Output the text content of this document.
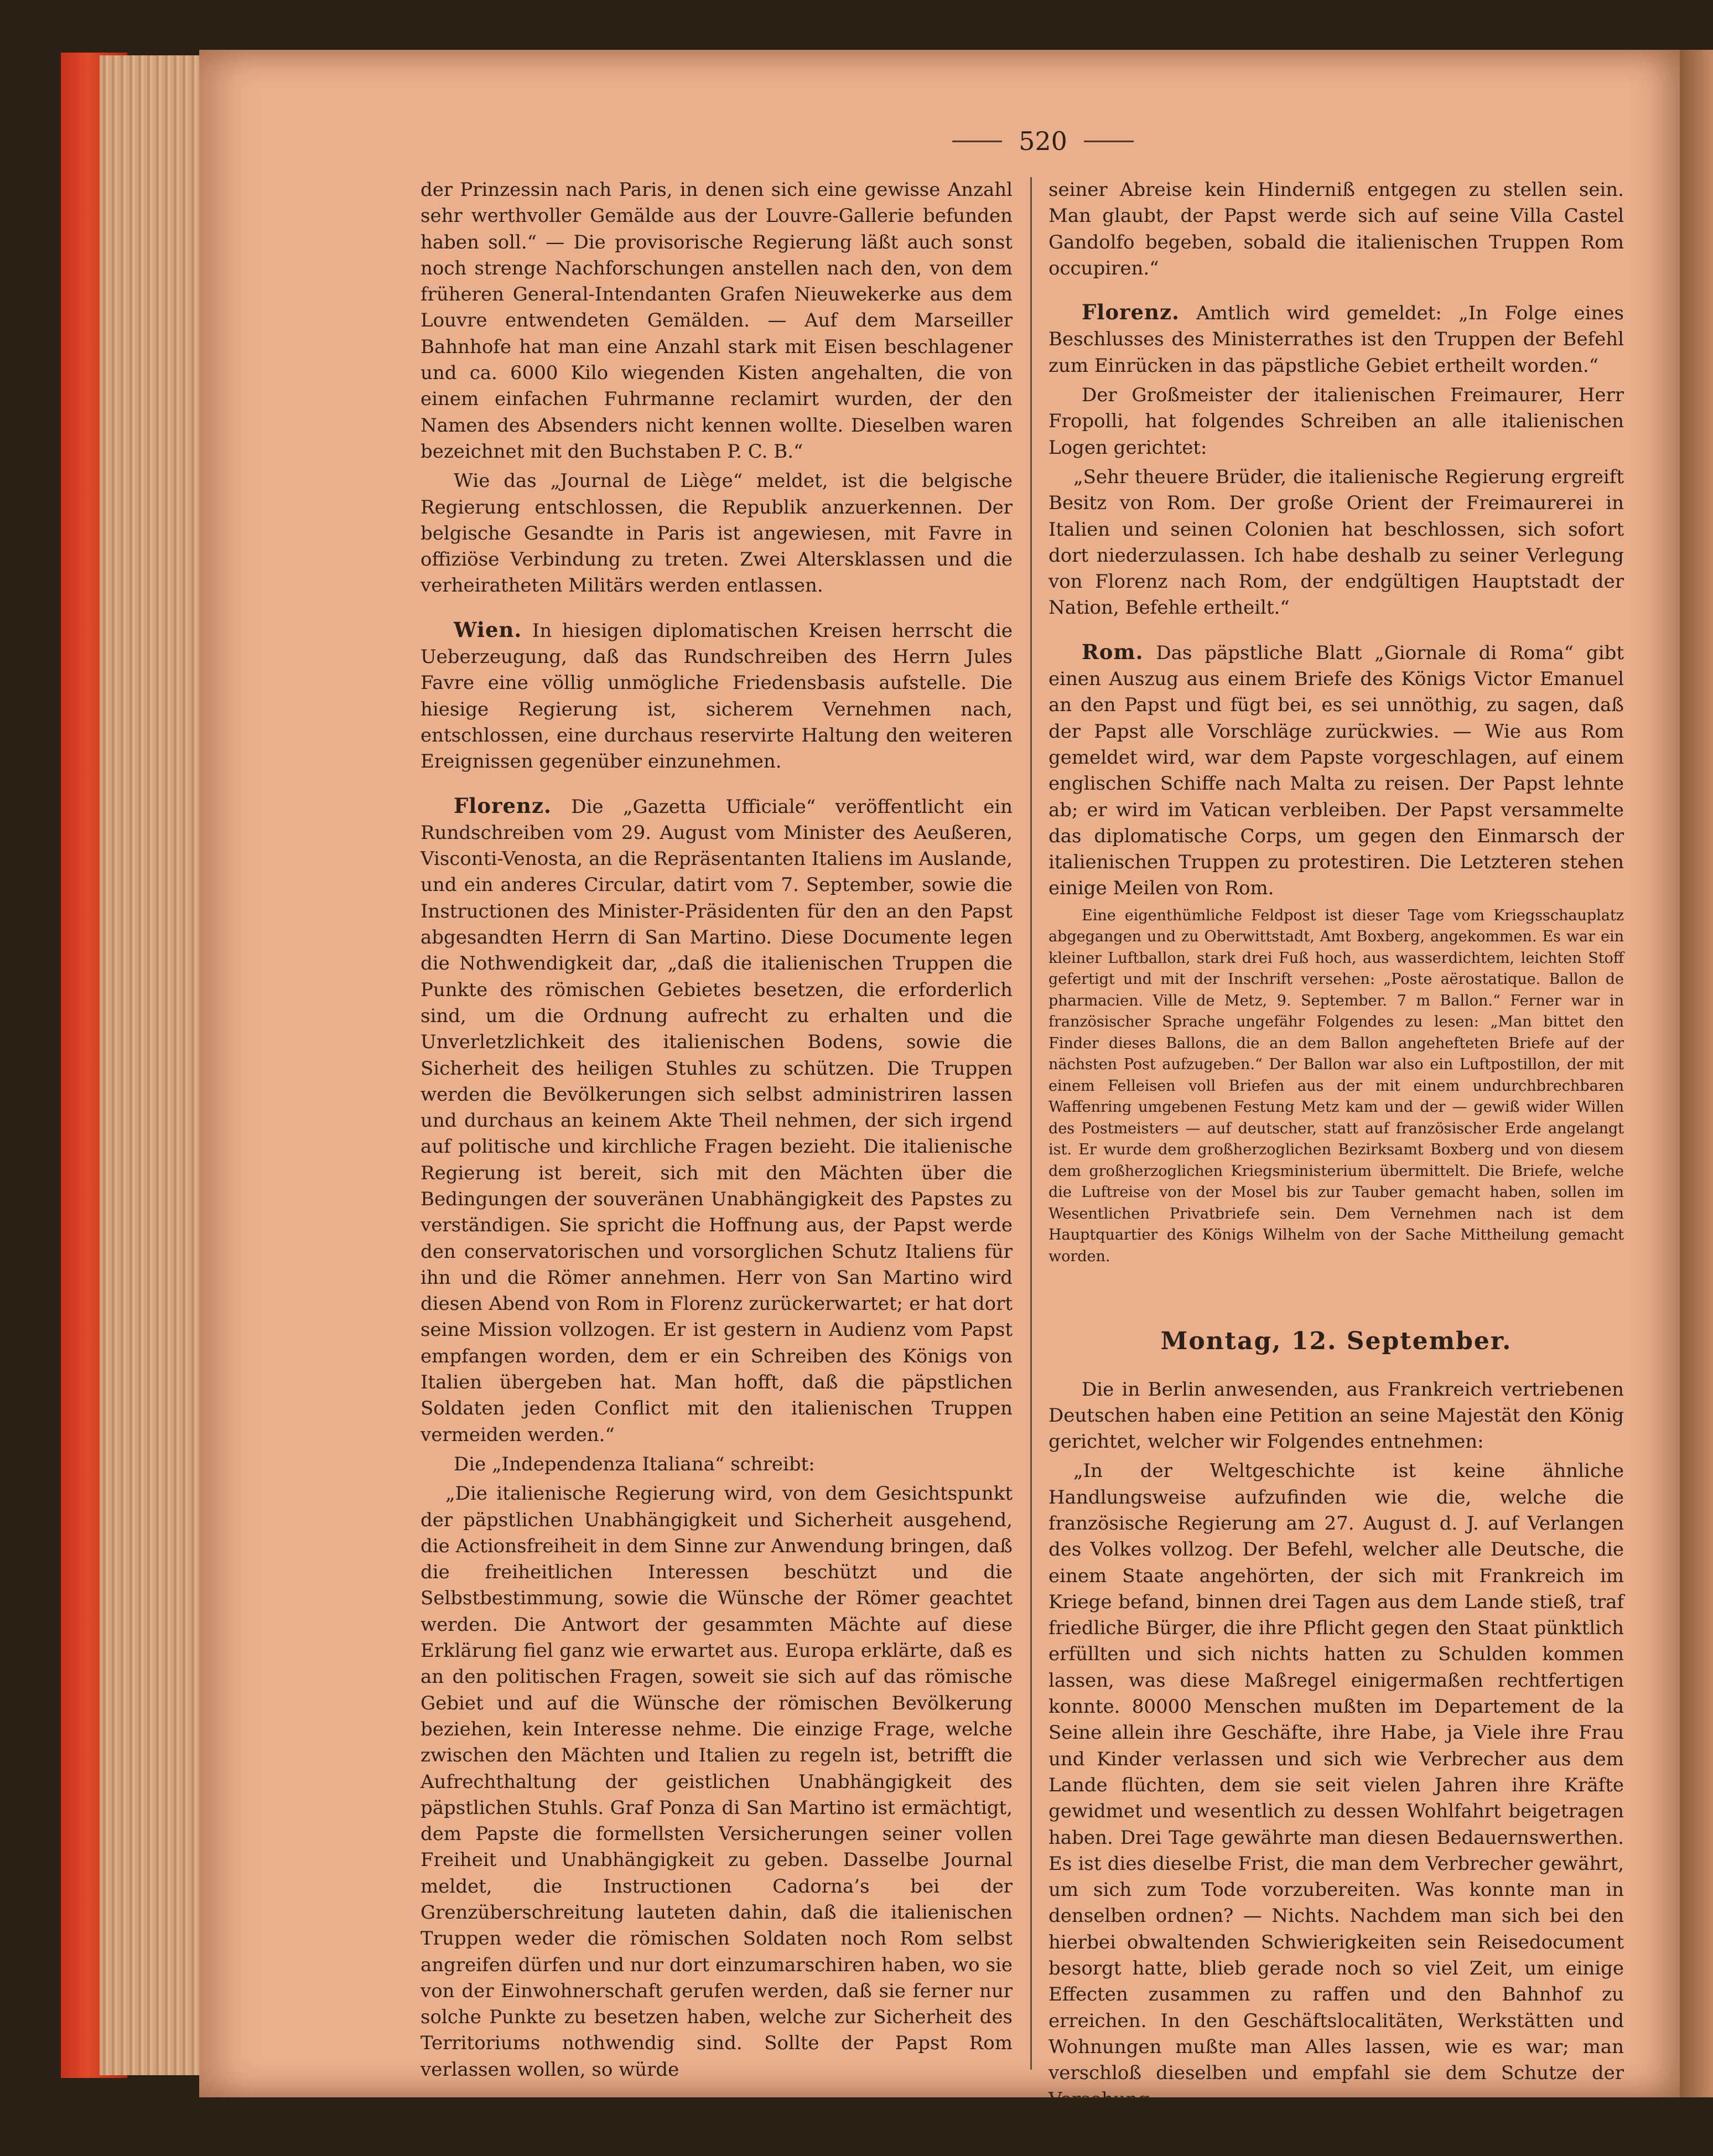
520

der Prinzessin nach Paris, in denen sich eine gewisse Anzahl sehr werthvoller Gemälde aus der Louvre-Gallerie befunden haben soll.“ — Die provisorische Regierung läßt auch sonst noch strenge Nachforschungen anstellen nach den, von dem früheren General-Intendanten Grafen Nieuwekerke aus dem Louvre entwendeten Gemälden. — Auf dem Marseiller Bahnhofe hat man eine Anzahl stark mit Eisen beschlagener und ca. 6000 Kilo wiegenden Kisten angehalten, die von einem einfachen Fuhrmanne reclamirt wurden, der den Namen des Absenders nicht kennen wollte. Dieselben waren bezeichnet mit den Buchstaben P. C. B.“

Wie das „Journal de Liège“ meldet, ist die belgische Regierung entschlossen, die Republik anzuerkennen. Der belgische Gesandte in Paris ist angewiesen, mit Favre in offiziöse Verbindung zu treten. Zwei Altersklassen und die verheiratheten Militärs werden entlassen.

Wien. In hiesigen diplomatischen Kreisen herrscht die Ueberzeugung, daß das Rundschreiben des Herrn Jules Favre eine völlig unmögliche Friedensbasis aufstelle. Die hiesige Regierung ist, sicherem Vernehmen nach, entschlossen, eine durchaus reservirte Haltung den weiteren Ereignissen gegenüber einzunehmen.

Florenz. Die „Gazetta Ufficiale“ veröffentlicht ein Rundschreiben vom 29. August vom Minister des Aeußeren, Visconti-Venosta, an die Repräsentanten Italiens im Auslande, und ein anderes Circular, datirt vom 7. September, sowie die Instructionen des Minister-Präsidenten für den an den Papst abgesandten Herrn di San Martino. Diese Documente legen die Nothwendigkeit dar, „daß die italienischen Truppen die Punkte des römischen Gebietes besetzen, die erforderlich sind, um die Ordnung aufrecht zu erhalten und die Unverletzlichkeit des italienischen Bodens, sowie die Sicherheit des heiligen Stuhles zu schützen. Die Truppen werden die Bevölkerungen sich selbst administriren lassen und durchaus an keinem Akte Theil nehmen, der sich irgend auf politische und kirchliche Fragen bezieht. Die italienische Regierung ist bereit, sich mit den Mächten über die Bedingungen der souveränen Unabhängigkeit des Papstes zu verständigen. Sie spricht die Hoffnung aus, der Papst werde den conservatorischen und vorsorglichen Schutz Italiens für ihn und die Römer annehmen. Herr von San Martino wird diesen Abend von Rom in Florenz zurückerwartet; er hat dort seine Mission vollzogen. Er ist gestern in Audienz vom Papst empfangen worden, dem er ein Schreiben des Königs von Italien übergeben hat. Man hofft, daß die päpstlichen Soldaten jeden Conflict mit den italienischen Truppen vermeiden werden.“

Die „Independenza Italiana“ schreibt:

„Die italienische Regierung wird, von dem Gesichtspunkt der päpstlichen Unabhängigkeit und Sicherheit ausgehend, die Actionsfreiheit in dem Sinne zur Anwendung bringen, daß die freiheitlichen Interessen beschützt und die Selbstbestimmung, sowie die Wünsche der Römer geachtet werden. Die Antwort der gesammten Mächte auf diese Erklärung fiel ganz wie erwartet aus. Europa erklärte, daß es an den politischen Fragen, soweit sie sich auf das römische Gebiet und auf die Wünsche der römischen Bevölkerung beziehen, kein Interesse nehme. Die einzige Frage, welche zwischen den Mächten und Italien zu regeln ist, betrifft die Aufrechthaltung der geistlichen Unabhängigkeit des päpstlichen Stuhls. Graf Ponza di San Martino ist ermächtigt, dem Papste die formellsten Versicherungen seiner vollen Freiheit und Unabhängigkeit zu geben. Dasselbe Journal meldet, die Instructionen Cadorna’s bei der Grenzüberschreitung lauteten dahin, daß die italienischen Truppen weder die römischen Soldaten noch Rom selbst angreifen dürfen und nur dort einzumarschiren haben, wo sie von der Einwohnerschaft gerufen werden, daß sie ferner nur solche Punkte zu besetzen haben, welche zur Sicherheit des Territoriums nothwendig sind. Sollte der Papst Rom verlassen wollen, so würde

seiner Abreise kein Hinderniß entgegen zu stellen sein. Man glaubt, der Papst werde sich auf seine Villa Castel Gandolfo begeben, sobald die italienischen Truppen Rom occupiren.“

Florenz. Amtlich wird gemeldet: „In Folge eines Beschlusses des Ministerrathes ist den Truppen der Befehl zum Einrücken in das päpstliche Gebiet ertheilt worden.“

Der Großmeister der italienischen Freimaurer, Herr Fropolli, hat folgendes Schreiben an alle italienischen Logen gerichtet:

„Sehr theuere Brüder, die italienische Regierung ergreift Besitz von Rom. Der große Orient der Freimaurerei in Italien und seinen Colonien hat beschlossen, sich sofort dort niederzulassen. Ich habe deshalb zu seiner Verlegung von Florenz nach Rom, der endgültigen Hauptstadt der Nation, Befehle ertheilt.“

Rom. Das päpstliche Blatt „Giornale di Roma“ gibt einen Auszug aus einem Briefe des Königs Victor Emanuel an den Papst und fügt bei, es sei unnöthig, zu sagen, daß der Papst alle Vorschläge zurückwies. — Wie aus Rom gemeldet wird, war dem Papste vorgeschlagen, auf einem englischen Schiffe nach Malta zu reisen. Der Papst lehnte ab; er wird im Vatican verbleiben. Der Papst versammelte das diplomatische Corps, um gegen den Einmarsch der italienischen Truppen zu protestiren. Die Letzteren stehen einige Meilen von Rom.

Eine eigenthümliche Feldpost ist dieser Tage vom Kriegsschauplatz abgegangen und zu Oberwittstadt, Amt Boxberg, angekommen. Es war ein kleiner Luftballon, stark drei Fuß hoch, aus wasserdichtem, leichten Stoff gefertigt und mit der Inschrift versehen: „Poste aërostatique. Ballon de pharmacien. Ville de Metz, 9. September. 7 m Ballon.“ Ferner war in französischer Sprache ungefähr Folgendes zu lesen: „Man bittet den Finder dieses Ballons, die an dem Ballon angehefteten Briefe auf der nächsten Post aufzugeben.“ Der Ballon war also ein Luftpostillon, der mit einem Felleisen voll Briefen aus der mit einem undurchbrechbaren Waffenring umgebenen Festung Metz kam und der — gewiß wider Willen des Postmeisters — auf deutscher, statt auf französischer Erde angelangt ist. Er wurde dem großherzoglichen Bezirksamt Boxberg und von diesem dem großherzoglichen Kriegsministerium übermittelt. Die Briefe, welche die Luftreise von der Mosel bis zur Tauber gemacht haben, sollen im Wesentlichen Privatbriefe sein. Dem Vernehmen nach ist dem Hauptquartier des Königs Wilhelm von der Sache Mittheilung gemacht worden.

Montag, 12. September.

Die in Berlin anwesenden, aus Frankreich vertriebenen Deutschen haben eine Petition an seine Majestät den König gerichtet, welcher wir Folgendes entnehmen:

„In der Weltgeschichte ist keine ähnliche Handlungsweise aufzufinden wie die, welche die französische Regierung am 27. August d. J. auf Verlangen des Volkes vollzog. Der Befehl, welcher alle Deutsche, die einem Staate angehörten, der sich mit Frankreich im Kriege befand, binnen drei Tagen aus dem Lande stieß, traf friedliche Bürger, die ihre Pflicht gegen den Staat pünktlich erfüllten und sich nichts hatten zu Schulden kommen lassen, was diese Maßregel einigermaßen rechtfertigen konnte. 80000 Menschen mußten im Departement de la Seine allein ihre Geschäfte, ihre Habe, ja Viele ihre Frau und Kinder verlassen und sich wie Verbrecher aus dem Lande flüchten, dem sie seit vielen Jahren ihre Kräfte gewidmet und wesentlich zu dessen Wohlfahrt beigetragen haben. Drei Tage gewährte man diesen Bedauernswerthen. Es ist dies dieselbe Frist, die man dem Verbrecher gewährt, um sich zum Tode vorzubereiten. Was konnte man in denselben ordnen? — Nichts. Nachdem man sich bei den hierbei obwaltenden Schwierigkeiten sein Reisedocument besorgt hatte, blieb gerade noch so viel Zeit, um einige Effecten zusammen zu raffen und den Bahnhof zu erreichen. In den Geschäftslocalitäten, Werkstätten und Wohnungen mußte man Alles lassen, wie es war; man verschloß dieselben und empfahl sie dem Schutze der Vorsehung
